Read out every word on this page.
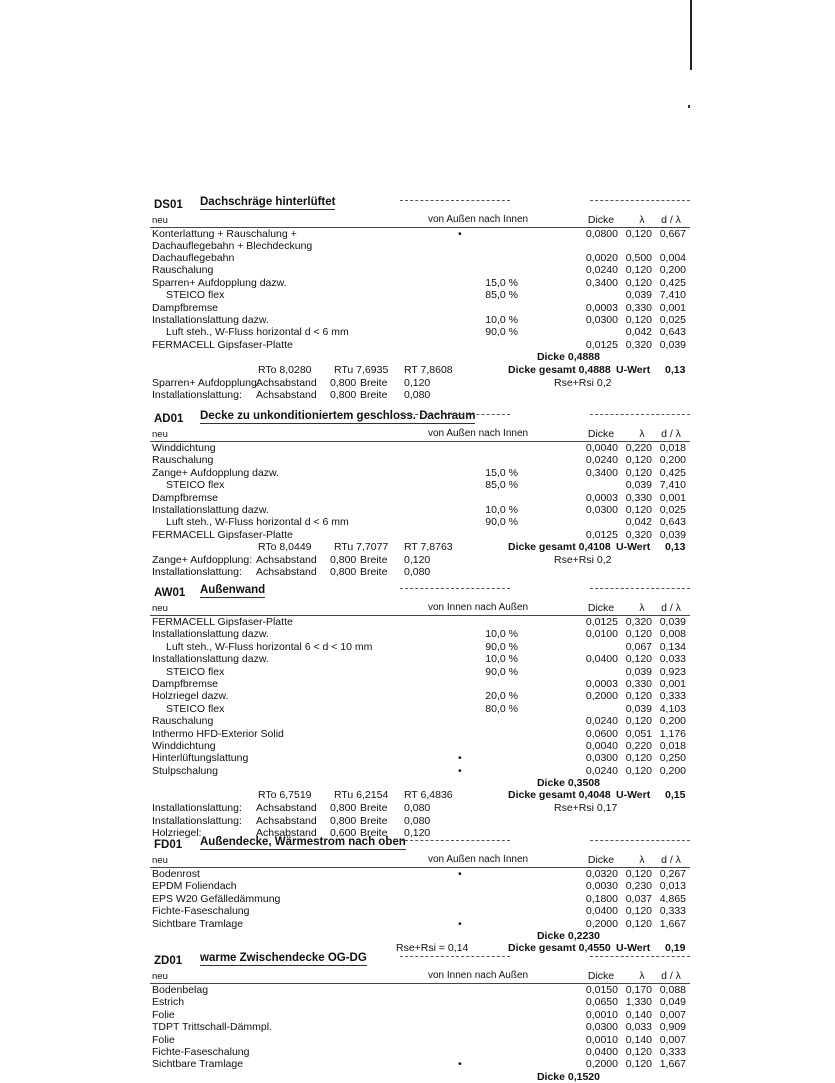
DS01 Dachschräge hinterlüftet
neu	von Außen nach Innen	Dicke	λ	d / λ
Konterlattung + Rauschalung + Dachauflegebahn + Blechdeckung
•	0,0800 0,120 0,667
Dachauflegebahn	0,0020 0,500 0,004
Rauschalung	0,0240 0,120 0,200
Sparren+ Aufdopplung dazw.	15,0 %	0,3400 0,120 0,425
STEICO flex	85,0 %	0,039 7,410
Dampfbremse	0,0003 0,330 0,001
Installationslattung dazw.	10,0 %	0,0300 0,120 0,025
Luft steh., W-Fluss horizontal d < 6 mm	90,0 %	0,042 0,643
FERMACELL Gipsfaser-Platte	0,0125 0,320 0,039
Dicke 0,4888
RTo 8,0280 RTu 7,6935 RT 7,8608	Dicke gesamt 0,4888 U-Wert 0,13
Sparren+ Aufdopplung:
Achsabstand 0,800 Breite 0,120	Rse+Rsi 0,2
Installationslattung: Achsabstand 0,800 Breite 0,080
AD01 Decke zu unkonditioniertem geschloss. Dachraum
neu	von Außen nach Innen	Dicke	λ	d / λ
Winddichtung	0,0040 0,220 0,018
Rauschalung	0,0240 0,120 0,200
Zange+ Aufdopplung dazw.	15,0 %	0,3400 0,120 0,425
STEICO flex	85,0 %	0,039 7,410
Dampfbremse	0,0003 0,330 0,001
Installationslattung dazw.	10,0 %	0,0300 0,120 0,025
Luft steh., W-Fluss horizontal d < 6 mm	90,0 %	0,042 0,643
FERMACELL Gipsfaser-Platte	0,0125 0,320 0,039
RTo 8,0449 RTu 7,7077 RT 7,8763	Dicke gesamt 0,4108 U-Wert 0,13
Zange+ Aufdopplung: Achsabstand 0,800 Breite 0,120	Rse+Rsi 0,2
Installationslattung: Achsabstand 0,800 Breite 0,080
AW01 Außenwand
neu	von Innen nach Außen	Dicke	λ	d / λ
FERMACELL Gipsfaser-Platte	0,0125 0,320 0,039
Installationslattung dazw.	10,0 %	0,0100 0,120 0,008
Luft steh., W-Fluss horizontal 6 < d < 10 mm	90,0 %	0,067 0,134
Installationslattung dazw.	10,0 %	0,0400 0,120 0,033
STEICO flex	90,0 %	0,039 0,923
Dampfbremse	0,0003 0,330 0,001
Holzriegel dazw.	20,0 %	0,2000 0,120 0,333
STEICO flex	80,0 %	0,039 4,103
Rauschalung	0,0240 0,120 0,200
Inthermo HFD-Exterior Solid	0,0600 0,051 1,176
Winddichtung	0,0040 0,220 0,018
Hinterlüftungslattung	•	0,0300 0,120 0,250
Stulpschalung	•	0,0240 0,120 0,200
Dicke 0,3508
RTo 6,7519 RTu 6,2154 RT 6,4836	Dicke gesamt 0,4048 U-Wert 0,15
Installationslattung: Achsabstand 0,800 Breite 0,080	Rse+Rsi 0,17
Installationslattung: Achsabstand 0,800 Breite 0,080
Holzriegel:	Achsabstand 0,600 Breite 0,120
FD01 Außendecke, Wärmestrom nach oben
neu	von Außen nach Innen	Dicke	λ	d / λ
Bodenrost	•	0,0320 0,120 0,267
EPDM Foliendach	0,0030 0,230 0,013
EPS W20 Gefälledämmung	0,1800 0,037 4,865
Fichte-Faseschalung	0,0400 0,120 0,333
Sichtbare Tramlage	•	0,2000 0,120 1,667
Dicke 0,2230
Rse+Rsi = 0,14	Dicke gesamt 0,4550 U-Wert 0,19
ZD01 warme Zwischendecke OG-DG
neu	von Innen nach Außen	Dicke	λ	d / λ
Bodenbelag	0,0150 0,170 0,088
Estrich	0,0650 1,330 0,049
Folie	0,0010 0,140 0,007
TDPT Trittschall-Dämmpl.	0,0300 0,033 0,909
Folie	0,0010 0,140 0,007
Fichte-Faseschalung	0,0400 0,120 0,333
Sichtbare Tramlage	•	0,2000 0,120 1,667
Dicke 0,1520
